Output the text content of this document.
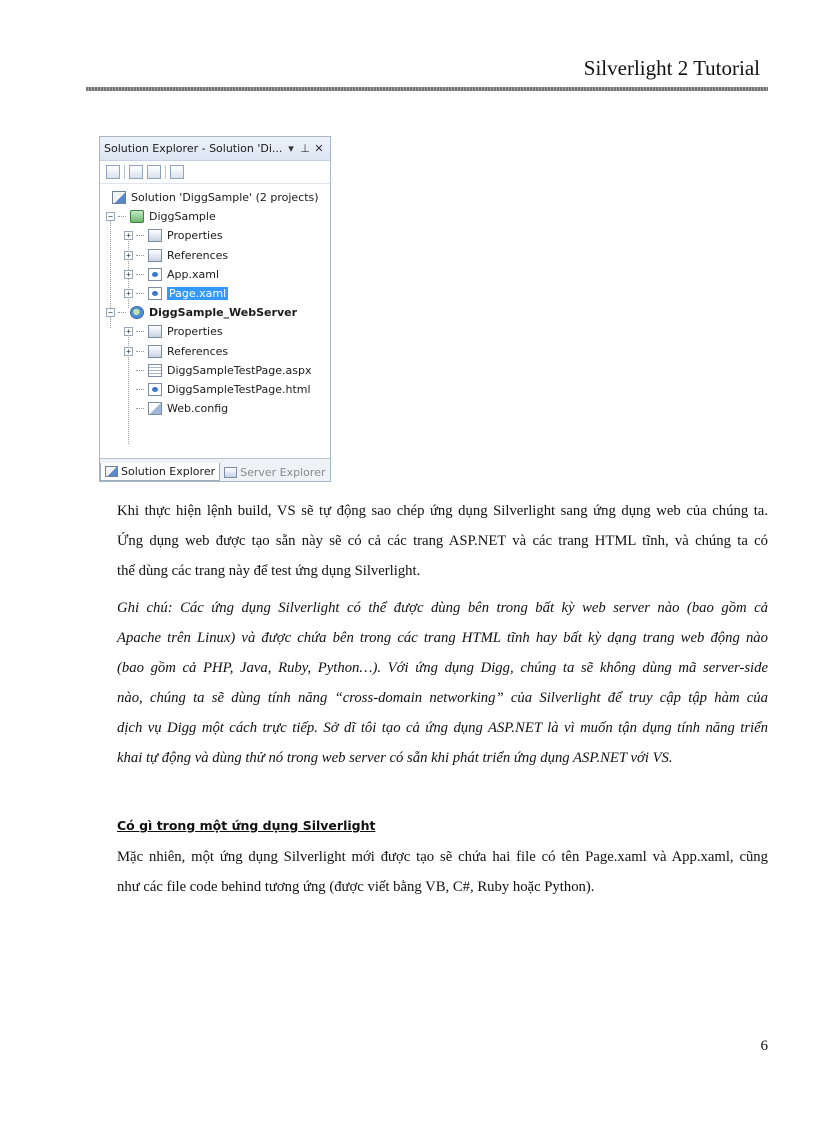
Silverlight 2 Tutorial
Solution Explorer - Solution 'Di... ▾ ⊥ ✕
Solution 'DiggSample' (2 projects)
−	DiggSample
+	Properties
+	References
+	App.xaml
+	Page.xaml
−	DiggSample_WebServer
+	Properties
+	References
DiggSampleTestPage.aspx
DiggSampleTestPage.html
Web.config
Solution Explorer Server Explorer
Khi thực hiện lệnh build, VS sẽ tự động sao chép ứng dụng Silverlight sang ứng dụng web của chúng ta.
Ứng dụng web được tạo sẵn này sẽ có cả các trang ASP.NET và các trang HTML tĩnh, và chúng ta có
thể dùng các trang này để test ứng dụng Silverlight.
Ghi chú: Các ứng dụng Silverlight có thể được dùng bên trong bất kỳ web server nào (bao gồm cả
Apache trên Linux) và được chứa bên trong các trang HTML tĩnh hay bất kỳ dạng trang web động nào
(bao gồm cả PHP, Java, Ruby, Python…). Với ứng dụng Digg, chúng ta sẽ không dùng mã server-side
nào, chúng ta sẽ dùng tính năng “cross-domain networking” của Silverlight để truy cập tập hàm của
dịch vụ Digg một cách trực tiếp. Sở dĩ tôi tạo cả ứng dụng ASP.NET là vì muốn tận dụng tính năng triển
khai tự động và dùng thử nó trong web server có sẵn khi phát triển ứng dụng ASP.NET với VS.
Có gì trong một ứng dụng Silverlight
Mặc nhiên, một ứng dụng Silverlight mới được tạo sẽ chứa hai file có tên Page.xaml và App.xaml, cũng
như các file code behind tương ứng (được viết bằng VB, C#, Ruby hoặc Python).
6
